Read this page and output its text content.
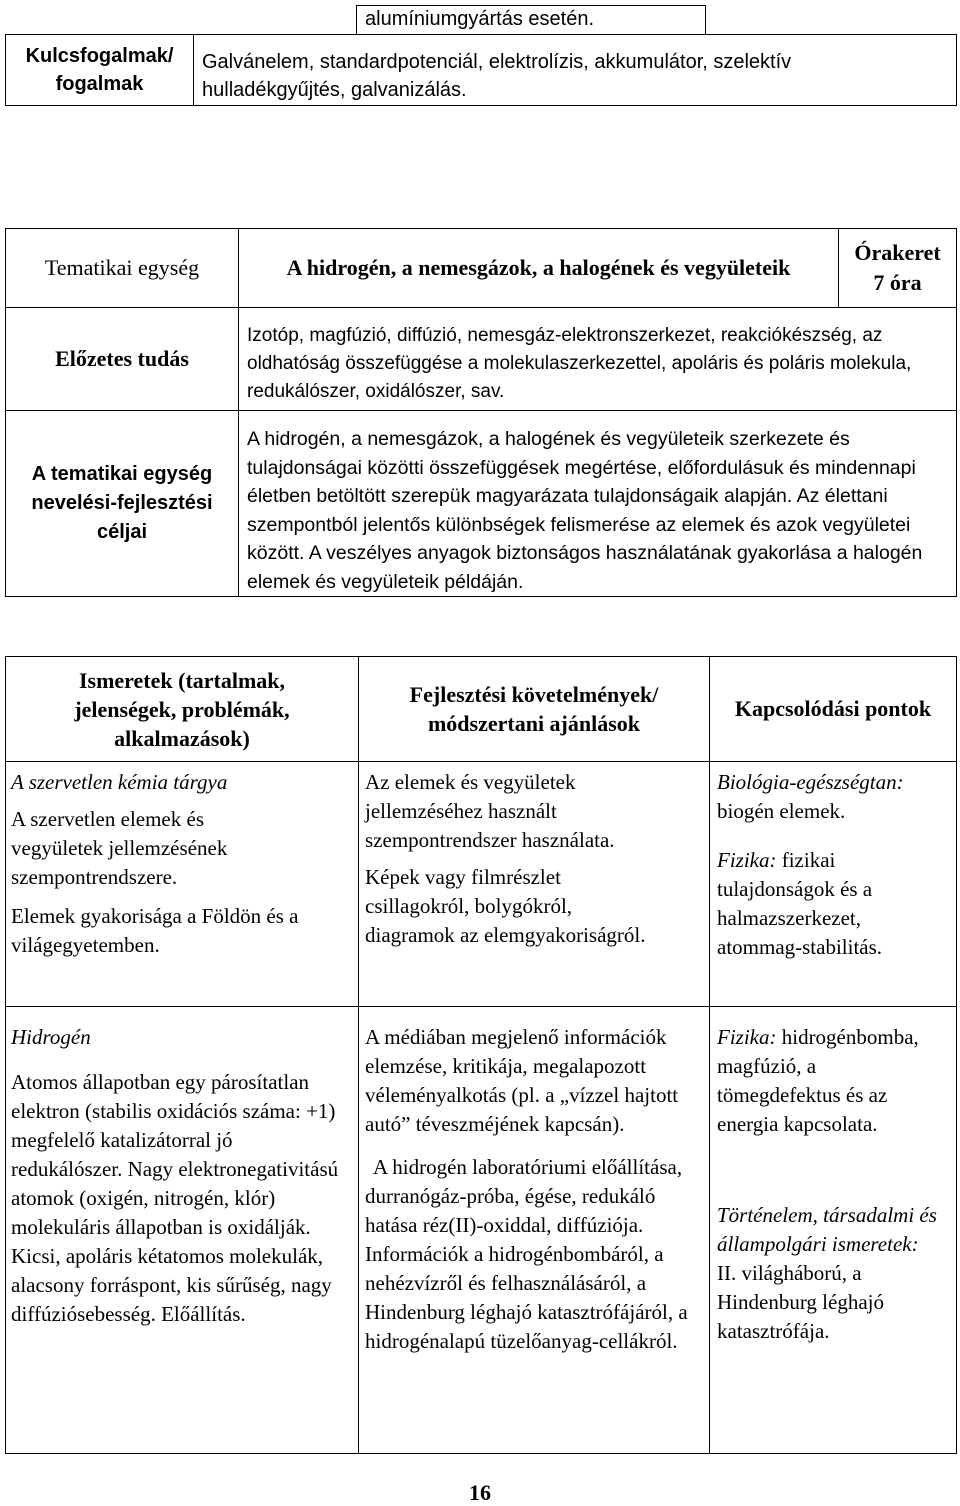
alumíniumgyártás esetén.
Kulcsfogalmak/
fogalmak
Galvánelem, standardpotenciál, elektrolízis, akkumulátor, szelektív hulladékgyűjtés, galvanizálás.
Tematikai egység	A hidrogén, a nemesgázok, a halogének és vegyületeik
Órakeret
7 óra
Előzetes tudás
Izotóp, magfúzió, diffúzió, nemesgáz-elektronszerkezet, reakciókészség, az oldhatóság összefüggése a molekulaszerkezettel, apoláris és poláris molekula, redukálószer, oxidálószer, sav.
A tematikai egység nevelési-fejlesztési céljai
A hidrogén, a nemesgázok, a halogének és vegyületeik szerkezete és tulajdonságai közötti összefüggések megértése, előfordulásuk és mindennapi életben betöltött szerepük magyarázata tulajdonságaik alapján. Az élettani szempontból jelentős különbségek felismerése az elemek és azok vegyületei között. A veszélyes anyagok biztonságos használatának gyakorlása a halogén elemek és vegyületeik példáján.
Ismeretek (tartalmak, jelenségek, problémák, alkalmazások)
Fejlesztési követelmények/ módszertani ajánlások
Kapcsolódási pontok
A szervetlen kémia tárgya
A szervetlen elemek és vegyületek jellemzésének szempontrendszere.
Elemek gyakorisága a Földön és a világegyetemben.
Az elemek és vegyületek jellemzéséhez használt szempontrendszer használata.
Képek vagy filmrészlet csillagokról, bolygókról, diagramok az elemgyakoriságról.
Biológia-egészségtan: biogén elemek.
Fizika: fizikai tulajdonságok és a halmazszerkezet, atommag-stabilitás.
Hidrogén
Atomos állapotban egy párosítatlan elektron (stabilis oxidációs száma: +1) megfelelő katalizátorral jó redukálószer. Nagy elektronegativitású atomok (oxigén, nitrogén, klór) molekuláris állapotban is oxidálják. Kicsi, apoláris kétatomos molekulák, alacsony forráspont, kis sűrűség, nagy diffúziósebesség. Előállítás.
A médiában megjelenő információk elemzése, kritikája, megalapozott véleményalkotás (pl. a „vízzel hajtott autó” téveszméjének kapcsán).
A hidrogén laboratóriumi előállítása, durranógáz-próba, égése, redukáló hatása réz(II)-oxiddal, diffúziója. Információk a hidrogénbombáról, a nehézvízről és felhasználásáról, a Hindenburg léghajó katasztrófájáról, a hidrogénalapú tüzelőanyag-cellákról.
Fizika: hidrogénbomba, magfúzió, a tömegdefektus és az energia kapcsolata.
Történelem, társadalmi és állampolgári ismeretek: II. világháború, a Hindenburg léghajó katasztrófája.
16
